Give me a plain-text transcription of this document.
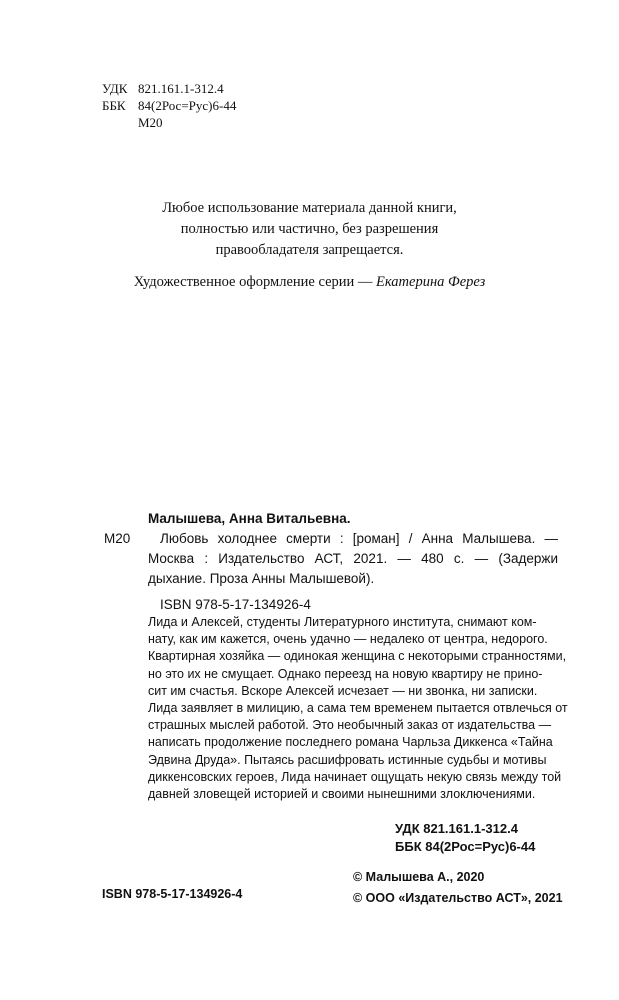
УДК 821.161.1-312.4
ББК 84(2Рос=Рус)6-44
М20
Любое использование материала данной книги,
полностью или частично, без разрешения
правообладателя запрещается.
Художественное оформление серии — Екатерина Ферез
Малышева, Анна Витальевна.
М20	Любовь холоднее смерти : [роман] / Анна Малышева. — Москва : Издательство АСТ, 2021. — 480 с. — (Задержи дыхание. Проза Анны Малышевой).
ISBN 978-5-17-134926-4
Лида и Алексей, студенты Литературного института, снимают ком-
нату, как им кажется, очень удачно — недалеко от центра, недорого.
Квартирная хозяйка — одинокая женщина с некоторыми странностями,
но это их не смущает. Однако переезд на новую квартиру не прино-
сит им счастья. Вскоре Алексей исчезает — ни звонка, ни записки.
Лида заявляет в милицию, а сама тем временем пытается отвлечься от
страшных мыслей работой. Это необычный заказ от издательства —
написать продолжение последнего романа Чарльза Диккенса «Тайна
Эдвина Друда». Пытаясь расшифровать истинные судьбы и мотивы
диккенсовских героев, Лида начинает ощущать некую связь между той
давней зловещей историей и своими нынешними злоключениями.
УДК 821.161.1-312.4
ББК 84(2Рос=Рус)6-44
ISBN 978-5-17-134926-4
© Малышева А., 2020
© ООО «Издательство АСТ», 2021
